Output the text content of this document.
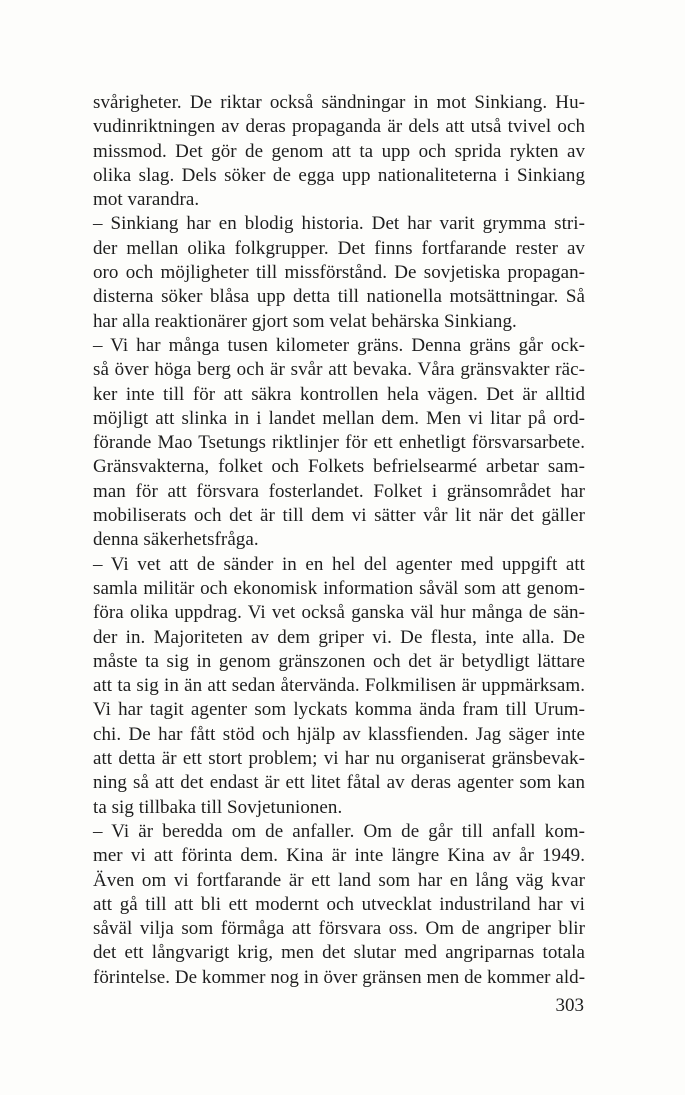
svårigheter. De riktar också sändningar in mot Sinkiang. Hu-
vudinriktningen av deras propaganda är dels att utså tvivel och
missmod. Det gör de genom att ta upp och sprida rykten av
olika slag. Dels söker de egga upp nationaliteterna i Sinkiang
mot varandra.

– Sinkiang har en blodig historia. Det har varit grymma stri-
der mellan olika folkgrupper. Det finns fortfarande rester av
oro och möjligheter till missförstånd. De sovjetiska propagan-
disterna söker blåsa upp detta till nationella motsättningar. Så
har alla reaktionärer gjort som velat behärska Sinkiang.

– Vi har många tusen kilometer gräns. Denna gräns går ock-
så över höga berg och är svår att bevaka. Våra gränsvakter räc-
ker inte till för att säkra kontrollen hela vägen. Det är alltid
möjligt att slinka in i landet mellan dem. Men vi litar på ord-
förande Mao Tsetungs riktlinjer för ett enhetligt försvarsarbete.
Gränsvakterna, folket och Folkets befrielsearmé arbetar sam-
man för att försvara fosterlandet. Folket i gränsområdet har
mobiliserats och det är till dem vi sätter vår lit när det gäller
denna säkerhetsfråga.

– Vi vet att de sänder in en hel del agenter med uppgift att
samla militär och ekonomisk information såväl som att genom-
föra olika uppdrag. Vi vet också ganska väl hur många de sän-
der in. Majoriteten av dem griper vi. De flesta, inte alla. De
måste ta sig in genom gränszonen och det är betydligt lättare
att ta sig in än att sedan återvända. Folkmilisen är uppmärksam.
Vi har tagit agenter som lyckats komma ända fram till Urum-
chi. De har fått stöd och hjälp av klassfienden. Jag säger inte
att detta är ett stort problem; vi har nu organiserat gränsbevak-
ning så att det endast är ett litet fåtal av deras agenter som kan
ta sig tillbaka till Sovjetunionen.

– Vi är beredda om de anfaller. Om de går till anfall kom-
mer vi att förinta dem. Kina är inte längre Kina av år 1949.
Även om vi fortfarande är ett land som har en lång väg kvar
att gå till att bli ett modernt och utvecklat industriland har vi
såväl vilja som förmåga att försvara oss. Om de angriper blir
det ett långvarigt krig, men det slutar med angriparnas totala
förintelse. De kommer nog in över gränsen men de kommer ald-

303
